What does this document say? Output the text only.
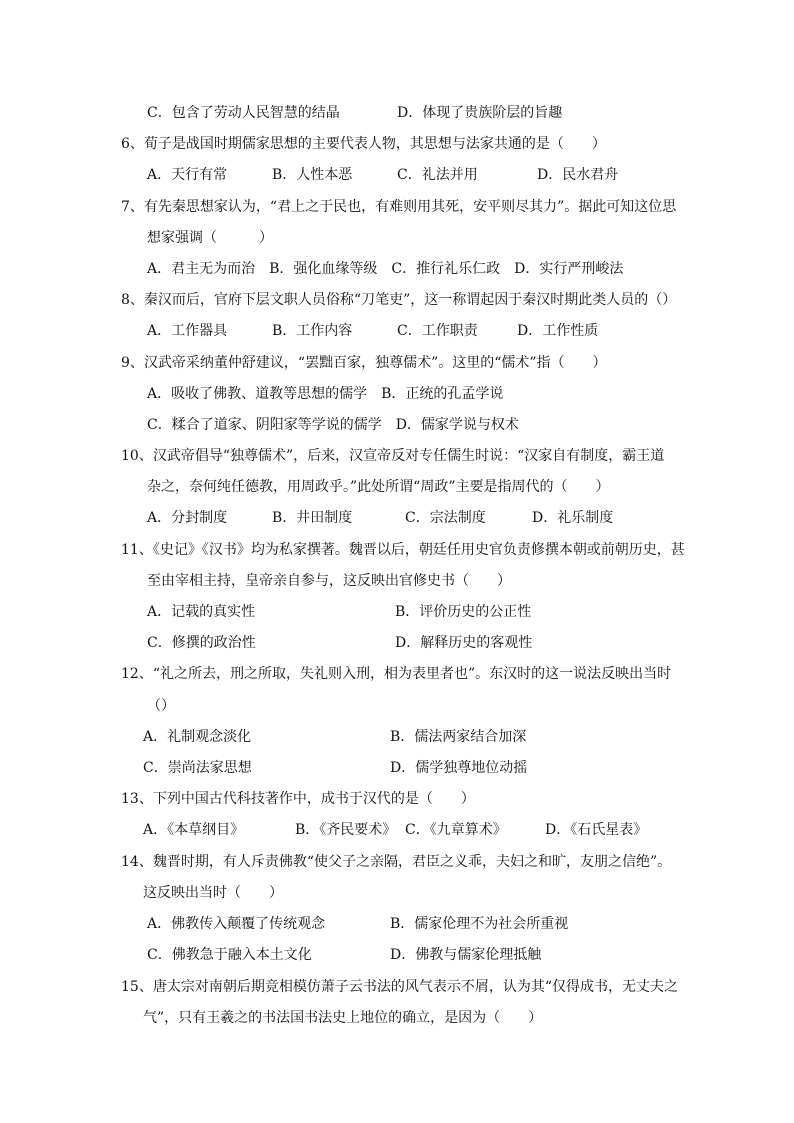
C．包含了劳动人民智慧的结晶	D．体现了贵族阶层的旨趣
6、荀子是战国时期儒家思想的主要代表人物，其思想与法家共通的是（　　）
A．天行有常	B．人性本恶	C．礼法并用	D．民水君舟
7、有先秦思想家认为，“君上之于民也，有难则用其死，安平则尽其力”。据此可知这位思
想家强调（　　　）
A．君主无为而治　B．强化血缘等级　C．推行礼乐仁政　D．实行严刑峻法
8、秦汉而后，官府下层文职人员俗称“刀笔吏”，这一称谓起因于秦汉时期此类人员的（）
A．工作器具	B．工作内容	C．工作职责	D．工作性质
9、汉武帝采纳董仲舒建议，“罢黜百家，独尊儒术”。这里的“儒术”指（　　）
A．吸收了佛教、道教等思想的儒学　B．正统的孔孟学说
C．糅合了道家、阴阳家等学说的儒学　D．儒家学说与权术
10、汉武帝倡导“独尊儒术”，后来，汉宣帝反对专任儒生时说：“汉家自有制度，霸王道
杂之，奈何纯任德教，用周政乎。”此处所谓“周政”主要是指周代的（　　）
A．分封制度	B．井田制度	C．宗法制度	D．礼乐制度
11、《史记》《汉书》均为私家撰著。魏晋以后，朝廷任用史官负责修撰本朝或前朝历史，甚
至由宰相主持，皇帝亲自参与，这反映出官修史书（　　）
A．记载的真实性	B．评价历史的公正性
C．修撰的政治性	D．解释历史的客观性
12、“礼之所去，刑之所取，失礼则入刑，相为表里者也”。东汉时的这一说法反映出当时
（）
A．礼制观念淡化	B．儒法两家结合加深
C．崇尚法家思想	D．儒学独尊地位动摇
13、下列中国古代科技著作中，成书于汉代的是（　　）
A．《本草纲目》	B．《齐民要术》 C．《九章算术》	D．《石氏星表》
14、魏晋时期，有人斥责佛教“使父子之亲隔，君臣之义乖，夫妇之和旷，友朋之信绝”。
这反映出当时（　　）
A．佛教传入颠覆了传统观念	B．儒家伦理不为社会所重视
C．佛教急于融入本土文化	D．佛教与儒家伦理抵触
15、唐太宗对南朝后期竞相模仿萧子云书法的风气表示不屑，认为其“仅得成书，无丈夫之
气”，只有王羲之的书法国书法史上地位的确立，是因为（　　）
